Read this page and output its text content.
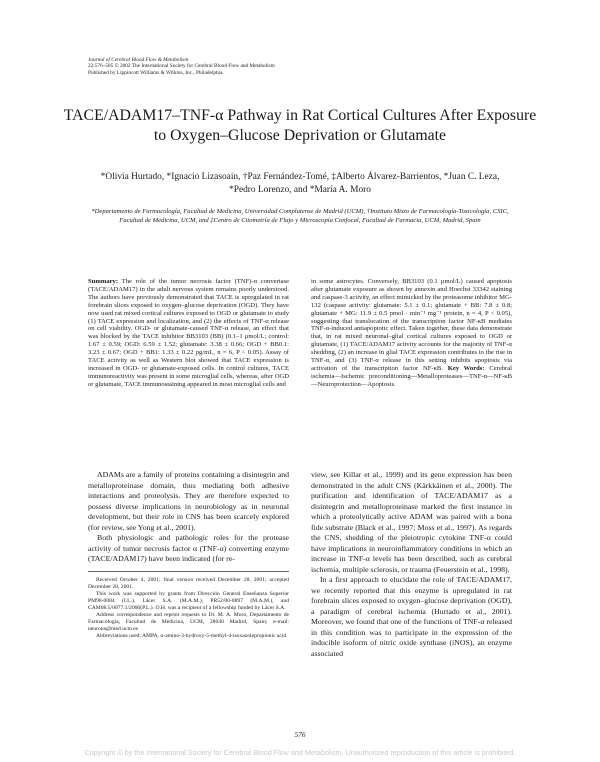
Journal of Cerebral Blood Flow & Metabolism
22:576–585 © 2002 The International Society for Cerebral Blood Flow and Metabolism
Published by Lippincott Williams & Wilkins, Inc., Philadelphia
TACE/ADAM17–TNF-α Pathway in Rat Cortical Cultures After Exposure to Oxygen–Glucose Deprivation or Glutamate
*Olivia Hurtado, *Ignacio Lizasoain, †Paz Fernández-Tomé, ‡Alberto Álvarez-Barrientos, *Juan C. Leza, *Pedro Lorenzo, and *María A. Moro
*Departamento de Farmacología, Facultad de Medicina, Universidad Complutense de Madrid (UCM), †Instituto Mixto de Farmacología-Toxicología, CSIC, Facultad de Medicina, UCM, and ‡Centro de Citometría de Flujo y Microscopía Confocal, Facultad de Farmacia, UCM, Madrid, Spain
Summary: The role of the tumor necrosis factor (TNF)-α convertase (TACE/ADAM17) in the adult nervous system remains poorly understood. The authors have previously demonstrated that TACE is upregulated in rat forebrain slices exposed to oxygen–glucose deprivation (OGD). They have now used rat mixed cortical cultures exposed to OGD or glutamate to study (1) TACE expression and localization, and (2) the effects of TNF-α release on cell viability. OGD- or glutamate-caused TNF-α release, an effect that was blocked by the TACE inhibitor BB3103 (BB) (0.1–1 μmol/L; control: 1.67 ± 0.59; OGD: 6.59 ± 1.52; glutamate: 3.38 ± 0.66; OGD + BB0.1: 3.23 ± 0.67; OGD + BB1: 1.33 ± 0.22 pg/mL, n = 6, P < 0.05). Assay of TACE activity as well as Western blot showed that TACE expression is increased in OGD- or glutamate-exposed cells. In control cultures, TACE immunoreactivity was present in some microglial cells, whereas, after OGD or glutamate, TACE immunostaining appeared in most microglial cells and
in some astrocytes. Conversely, BB3103 (0.1 μmol/L) caused apoptosis after glutamate exposure as shown by annexin and Hoechst 33342 staining and caspase-3 activity, an effect mimicked by the proteasome inhibitor MG-132 (caspase activity: glutamate: 5.1 ± 0.1; glutamate + BB: 7.8 ± 0.8; glutamate + MG: 11.9 ± 0.5 pmol · min⁻¹ mg⁻¹ protein, n = 4, P < 0.05), suggesting that translocation of the transcription factor NF-κB mediates TNF-α-induced antiapoptotic effect. Taken together, these data demonstrate that, in rat mixed neuronal–glial cortical cultures exposed to OGD or glutamate, (1) TACE/ADAM17 activity accounts for the majority of TNF-α shedding, (2) an increase in glial TACE expression contributes to the rise in TNF-α, and (3) TNF-α release in this setting inhibits apoptosis via activation of the transcription factor NF-κB. Key Words: Cerebral ischemia—Ischemic preconditioning—Metalloproteases—TNF-α—NF-κB—Neuroprotection—Apoptosis.

ADAMs are a family of proteins containing a disintegrin and metalloproteinase domain, thus mediating both adhesive interactions and proteolysis. They are therefore expected to possess diverse implications in neurobiology as in neuronal development, but their role in CNS has been scarcely explored (for review, see Yong et al., 2001).

Both physiologic and pathologic roles for the protease activity of tumor necrosis factor α (TNF-α) converting enzyme (TACE/ADAM17) have been indicated (for re-

Received October 4, 2001; final version received December 28, 2001; accepted December 28, 2001.

This work was supported by grants from Dirección General Enseñanza Superior PM98-0084 (I.L.), Lácer S.A. (M.A.M.), PR52/00-8897 (M.A.M.), and CAM08.5/0077.1/2000(P.L.). O.H. was a recipient of a fellowship funded by Lácer S.A.

Address correspondence and reprint requests to Dr. M. A. Moro, Departamento de Farmacología, Facultad de Medicina, UCM, 28040 Madrid, Spain; e-mail: neurona@med.ucm.es

Abbreviations used: AMPA, α-amino-3-hydroxy-5-methyl-4-isoxazolepropionic acid.

view, see Killar et al., 1999) and its gene expression has been demonstrated in the adult CNS (Kärkkäinen et al., 2000). The purification and identification of TACE/ADAM17 as a disintegrin and metalloproteinase marked the first instance in which a proteolytically active ADAM was paired with a bona fide substrate (Black et al., 1997; Moss et al., 1997). As regards the CNS, shedding of the pleiotropic cytokine TNF-α could have implications in neuroinflammatory conditions in which an increase in TNF-α levels has been described, such as cerebral ischemia, multiple sclerosis, or trauma (Feuerstein et al., 1998).

In a first approach to elucidate the role of TACE/ADAM17, we recently reported that this enzyme is upregulated in rat forebrain slices exposed to oxygen–glucose deprivation (OGD), a paradigm of cerebral ischemia (Hurtado et al., 2001). Moreover, we found that one of the functions of TNF-α released in this condition was to participate in the expression of the inducible isoform of nitric oxide synthase (iNOS), an enzyme associated

576
Copyright © by the International Society for Cerebral Blood Flow and Metabolism. Unauthorized reproduction of this article is prohibited.
